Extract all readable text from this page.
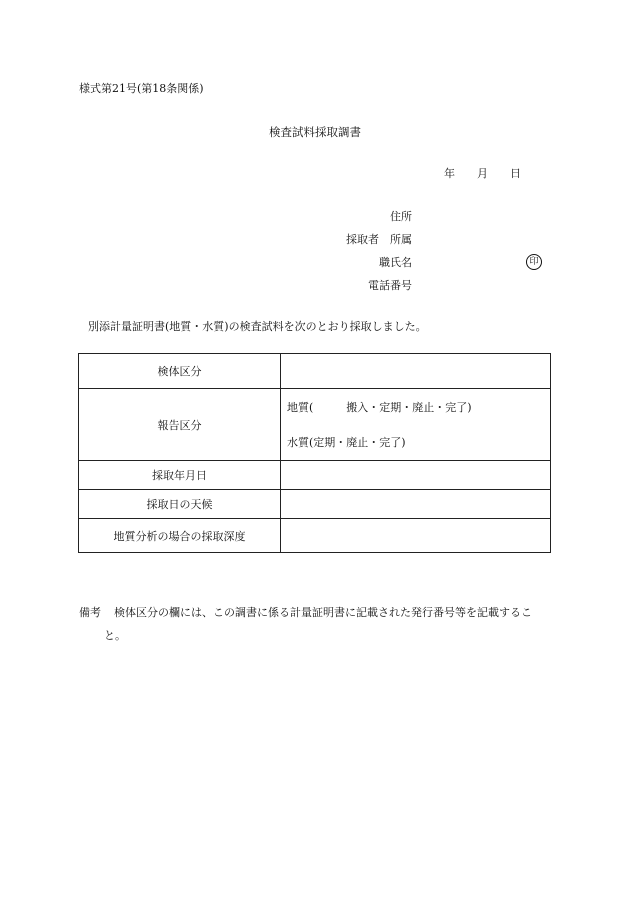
様式第21号(第18条関係)
検査試料採取調書
年 月 日
住所
採取者　所属
職氏名	印
電話番号
別添計量証明書(地質・水質)の検査試料を次のとおり採取しました。
検体区分	
報告区分	地質(　　　搬入・定期・廃止・完了)
水質(定期・廃止・完了)

採取年月日	
採取日の天候	
地質分析の場合の採取深度	
備考 検体区分の欄には、この調書に係る計量証明書に記載された発行番号等を記載するこ
と。
